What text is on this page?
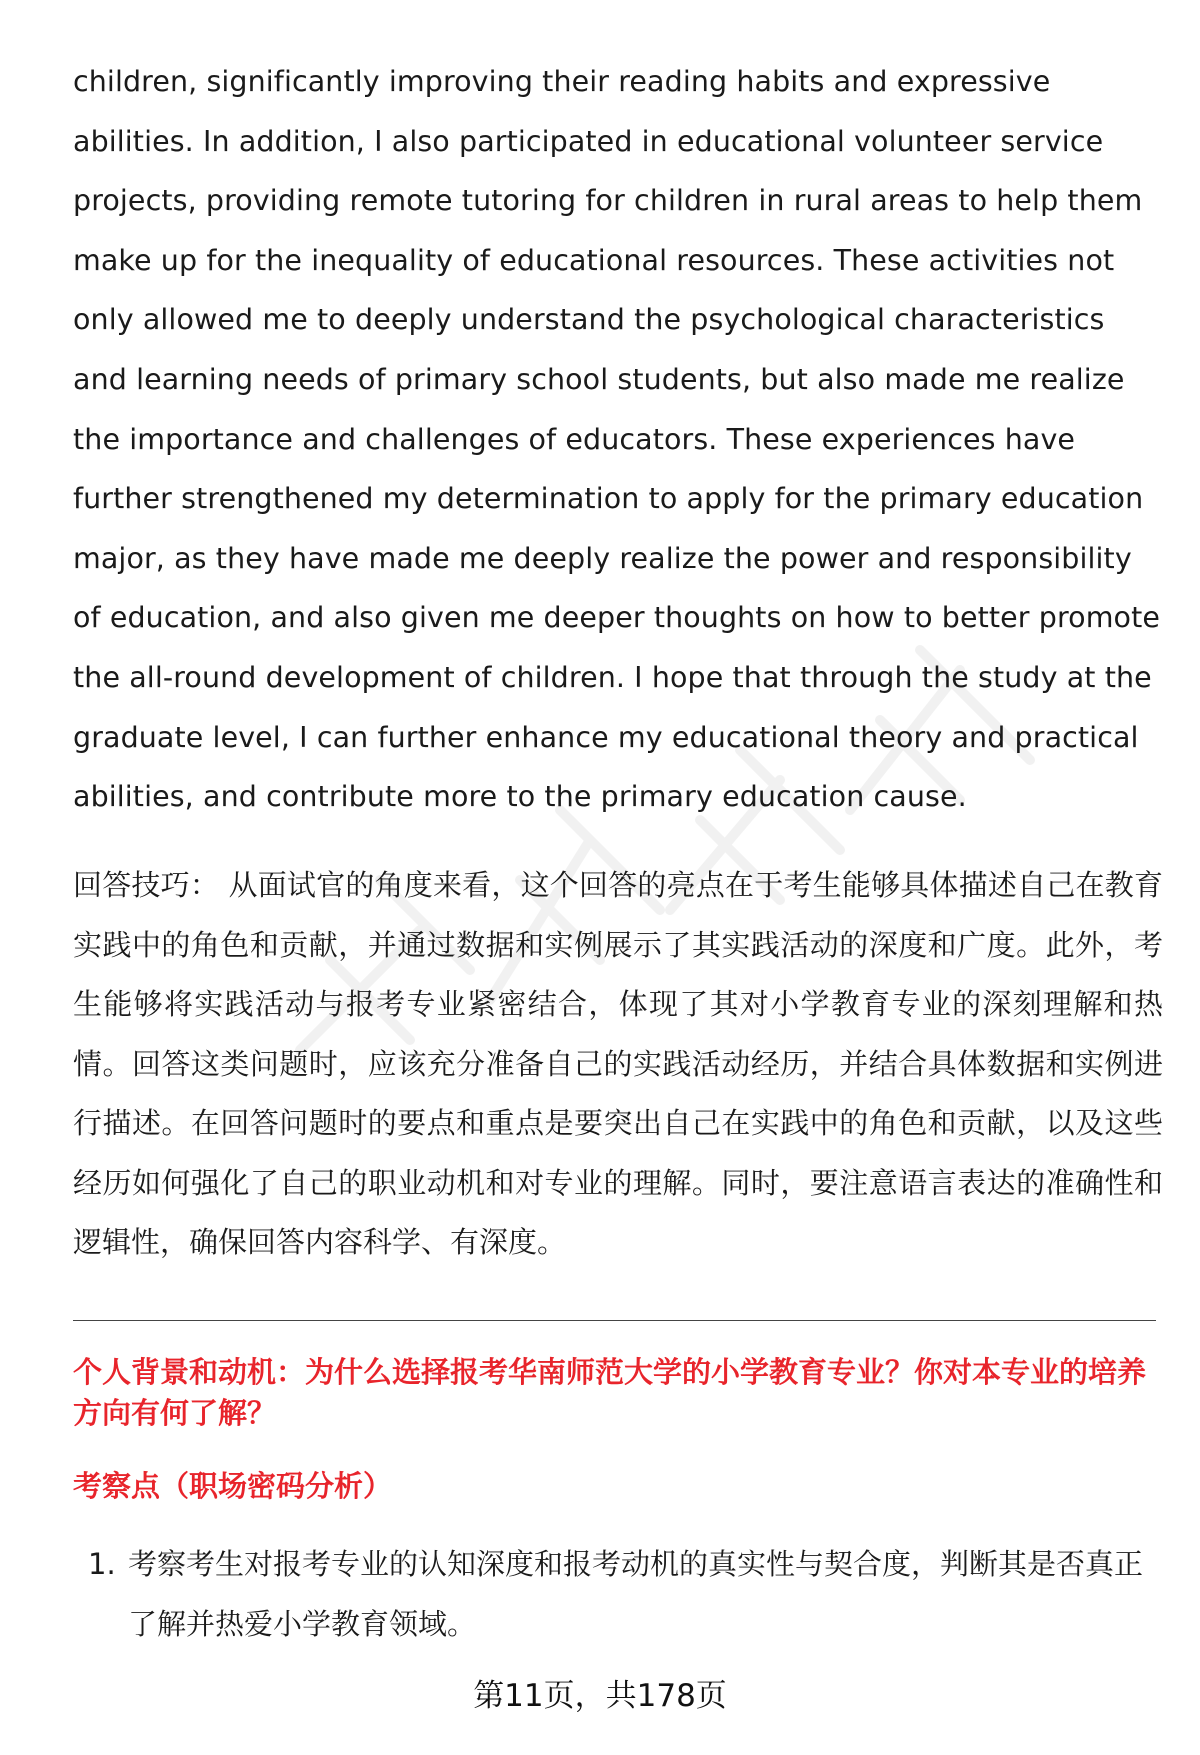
children, significantly improving their reading habits and expressive abilities. In addition, I also participated in educational volunteer service projects, providing remote tutoring for children in rural areas to help them make up for the inequality of educational resources. These activities not only allowed me to deeply understand the psychological characteristics and learning needs of primary school students, but also made me realize the importance and challenges of educators. These experiences have further strengthened my determination to apply for the primary education major, as they have made me deeply realize the power and responsibility of education, and also given me deeper thoughts on how to better promote the all-round development of children. I hope that through the study at the graduate level, I can further enhance my educational theory and practical abilities, and contribute more to the primary education cause.

回答技巧： 从面试官的角度来看，这个回答的亮点在于考生能够具体描述自己在教育实践中的角色和贡献，并通过数据和实例展示了其实践活动的深度和广度。此外，考生能够将实践活动与报考专业紧密结合，体现了其对小学教育专业的深刻理解和热情。回答这类问题时，应该充分准备自己的实践活动经历，并结合具体数据和实例进行描述。在回答问题时的要点和重点是要突出自己在实践中的角色和贡献，以及这些经历如何强化了自己的职业动机和对专业的理解。同时，要注意语言表达的准确性和逻辑性，确保回答内容科学、有深度。

个人背景和动机：为什么选择报考华南师范大学的小学教育专业？你对本专业的培养方向有何了解？
考察点（职场密码分析）
1. 考察考生对报考专业的认知深度和报考动机的真实性与契合度，判断其是否真正了解并热爱小学教育领域。
第11页，共178页
